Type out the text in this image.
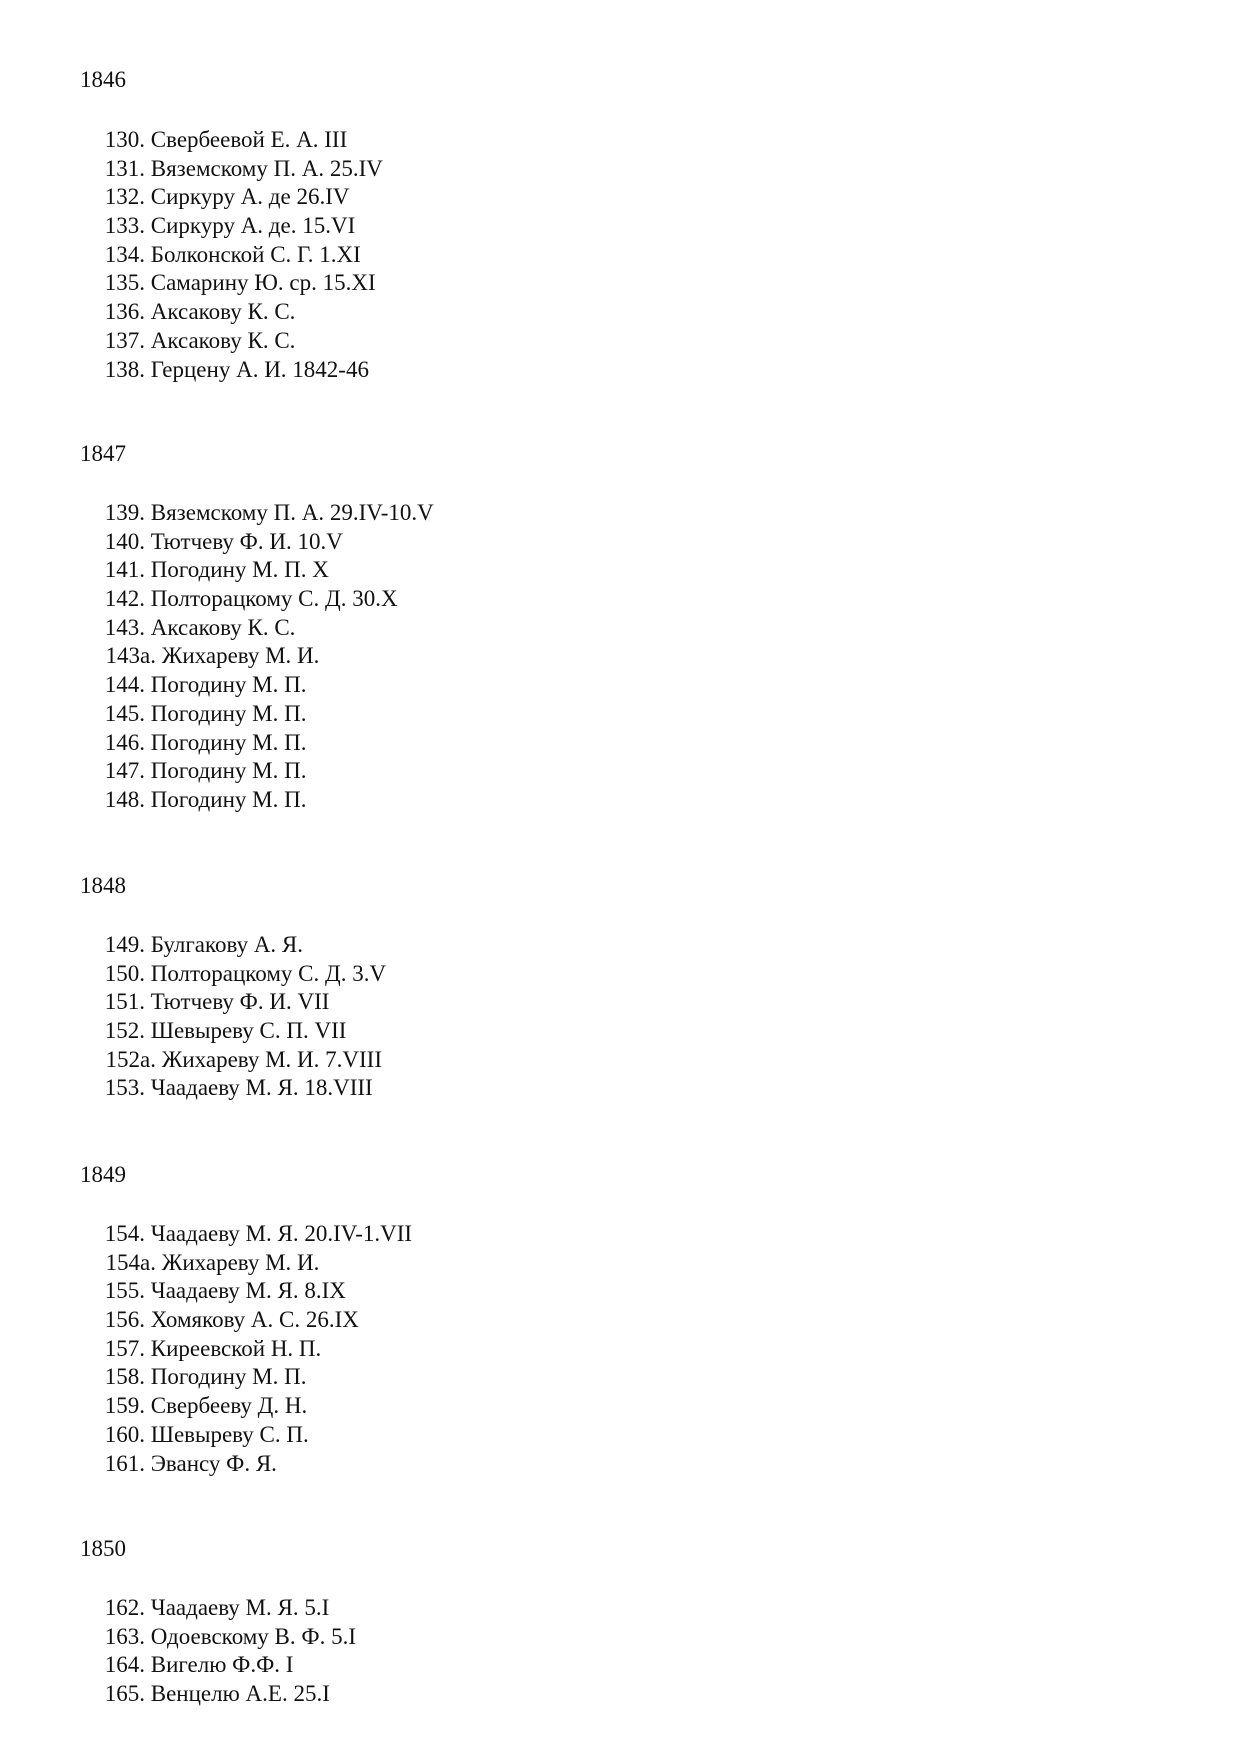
1846
130. Свербеевой Е. А. III
131. Вяземскому П. А. 25.IV
132. Сиркуру А. де 26.IV
133. Сиркуру А. де. 15.VI
134. Болконской С. Г. 1.XI
135. Самарину Ю. ср. 15.XI
136. Аксакову К. С.
137. Аксакову К. С.
138. Герцену А. И. 1842-46
1847
139. Вяземскому П. А. 29.IV-10.V
140. Тютчеву Ф. И. 10.V
141. Погодину М. П. X
142. Полторацкому С. Д. 30.X
143. Аксакову К. С.
143а. Жихареву М. И.
144. Погодину М. П.
145. Погодину М. П.
146. Погодину М. П.
147. Погодину М. П.
148. Погодину М. П.
1848
149. Булгакову А. Я.
150. Полторацкому С. Д. 3.V
151. Тютчеву Ф. И. VII
152. Шевыреву С. П. VII
152а. Жихареву М. И. 7.VIII
153. Чаадаеву М. Я. 18.VIII
1849
154. Чаадаеву М. Я. 20.IV-1.VII
154а. Жихареву М. И.
155. Чаадаеву М. Я. 8.IX
156. Хомякову А. С. 26.IX
157. Киреевской Н. П.
158. Погодину М. П.
159. Свербееву Д. Н.
160. Шевыреву С. П.
161. Эвансу Ф. Я.
1850
162. Чаадаеву М. Я. 5.I
163. Одоевскому В. Ф. 5.I
164. Вигелю Ф.Ф. I
165. Венцелю А.Е. 25.I
